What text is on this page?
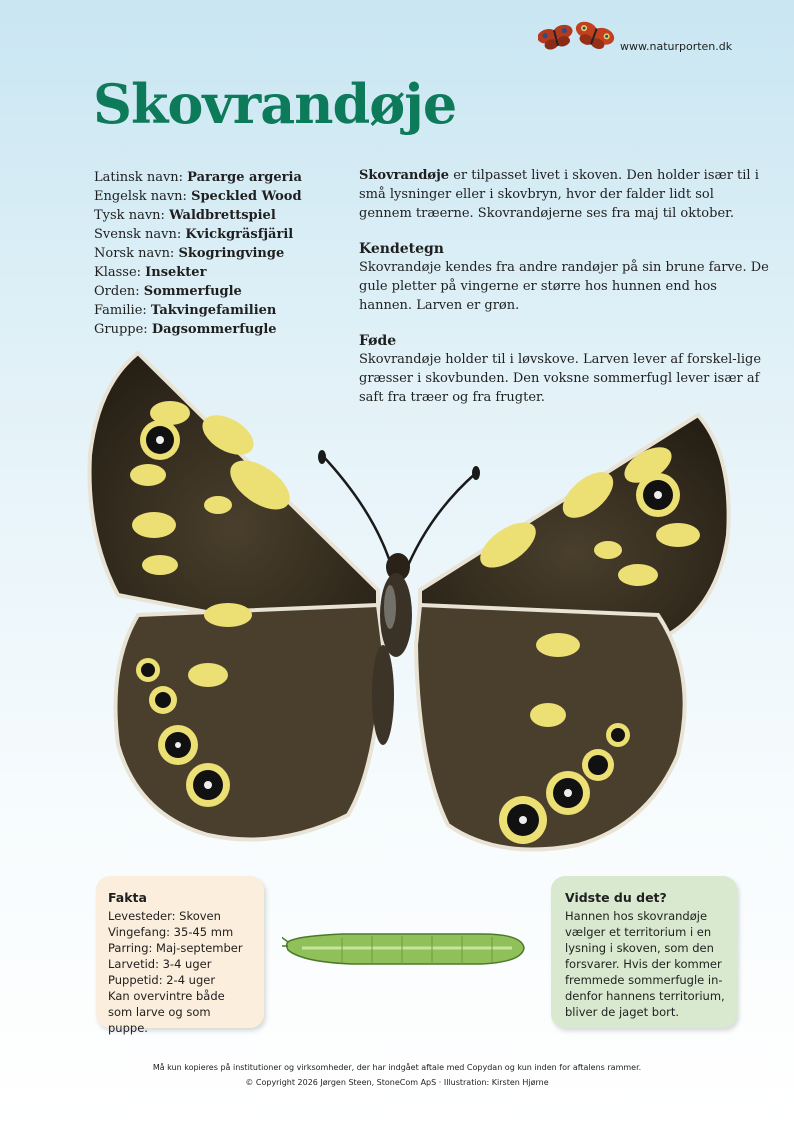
www.naturporten.dk
Skovrandøje
Latinsk navn: Pararge argeria
Engelsk navn: Speckled Wood
Tysk navn: Waldbrettspiel
Svensk navn: Kvickgräsfjäril
Norsk navn: Skogringvinge
Klasse: Insekter
Orden: Sommerfugle
Familie: Takvingefamilien
Gruppe: Dagsommerfugle

Skovrandøje er tilpasset livet i skoven. Den holder især til i små lysninger eller i skovbryn, hvor der falder lidt sol gennem træerne. Skovrandøjerne ses fra maj til oktober.

Kendetegn

Skovrandøje kendes fra andre randøjer på sin brune farve. De gule pletter på vingerne er større hos hunnen end hos hannen. Larven er grøn.

Føde

Skovrandøje holder til i løvskove. Larven lever af forskel-lige græsser i skovbunden. Den voksne sommerfugl lever især af saft fra træer og fra frugter.

Fakta
Levesteder: Skoven
Vingefang: 35-45 mm
Parring: Maj-september
Larvetid: 3-4 uger
Puppetid: 2-4 uger
Kan overvintre både som larve og som puppe.
Vidste du det?
Hannen hos skovrandøje vælger et territorium i en lysning i skoven, som den forsvarer. Hvis der kommer fremmede sommerfugle in-denfor hannens territorium, bliver de jaget bort.
Må kun kopieres på institutioner og virksomheder, der har indgået aftale med Copydan og kun inden for aftalens rammer.
© Copyright 2026 Jørgen Steen, StoneCom ApS · Illustration: Kirsten Hjørne
